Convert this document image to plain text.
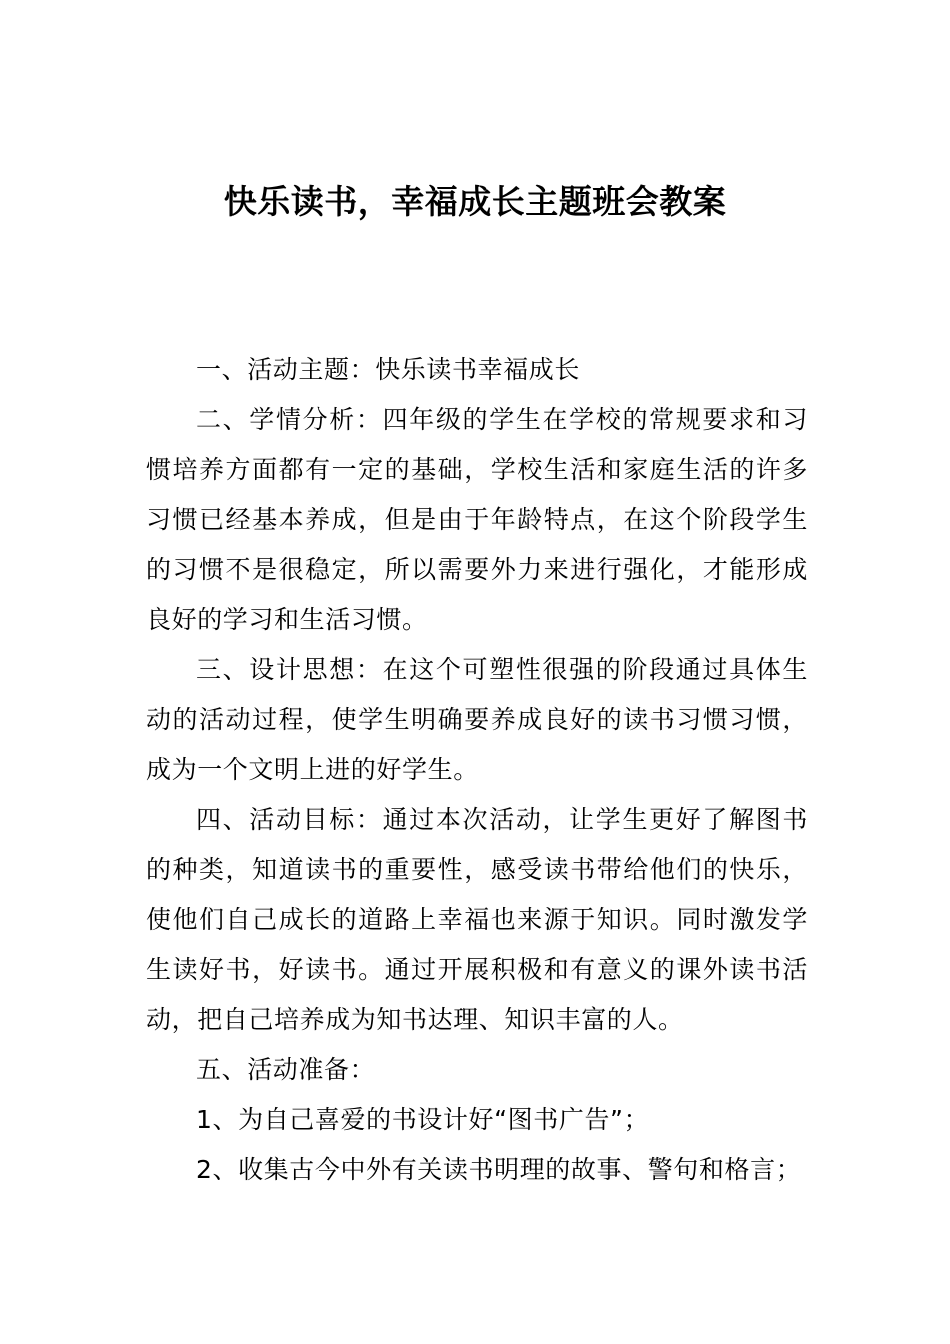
快乐读书，幸福成长主题班会教案

一、活动主题：快乐读书幸福成长

二、学情分析：四年级的学生在学校的常规要求和习惯培养方面都有一定的基础，学校生活和家庭生活的许多习惯已经基本养成，但是由于年龄特点，在这个阶段学生的习惯不是很稳定，所以需要外力来进行强化，才能形成良好的学习和生活习惯。

三、设计思想：在这个可塑性很强的阶段通过具体生动的活动过程，使学生明确要养成良好的读书习惯习惯，成为一个文明上进的好学生。

四、活动目标：通过本次活动，让学生更好了解图书的种类，知道读书的重要性，感受读书带给他们的快乐，使他们自己成长的道路上幸福也来源于知识。同时激发学生读好书，好读书。通过开展积极和有意义的课外读书活动，把自己培养成为知书达理、知识丰富的人。

五、活动准备：

1、为自己喜爱的书设计好“图书广告”；

2、收集古今中外有关读书明理的故事、警句和格言；
